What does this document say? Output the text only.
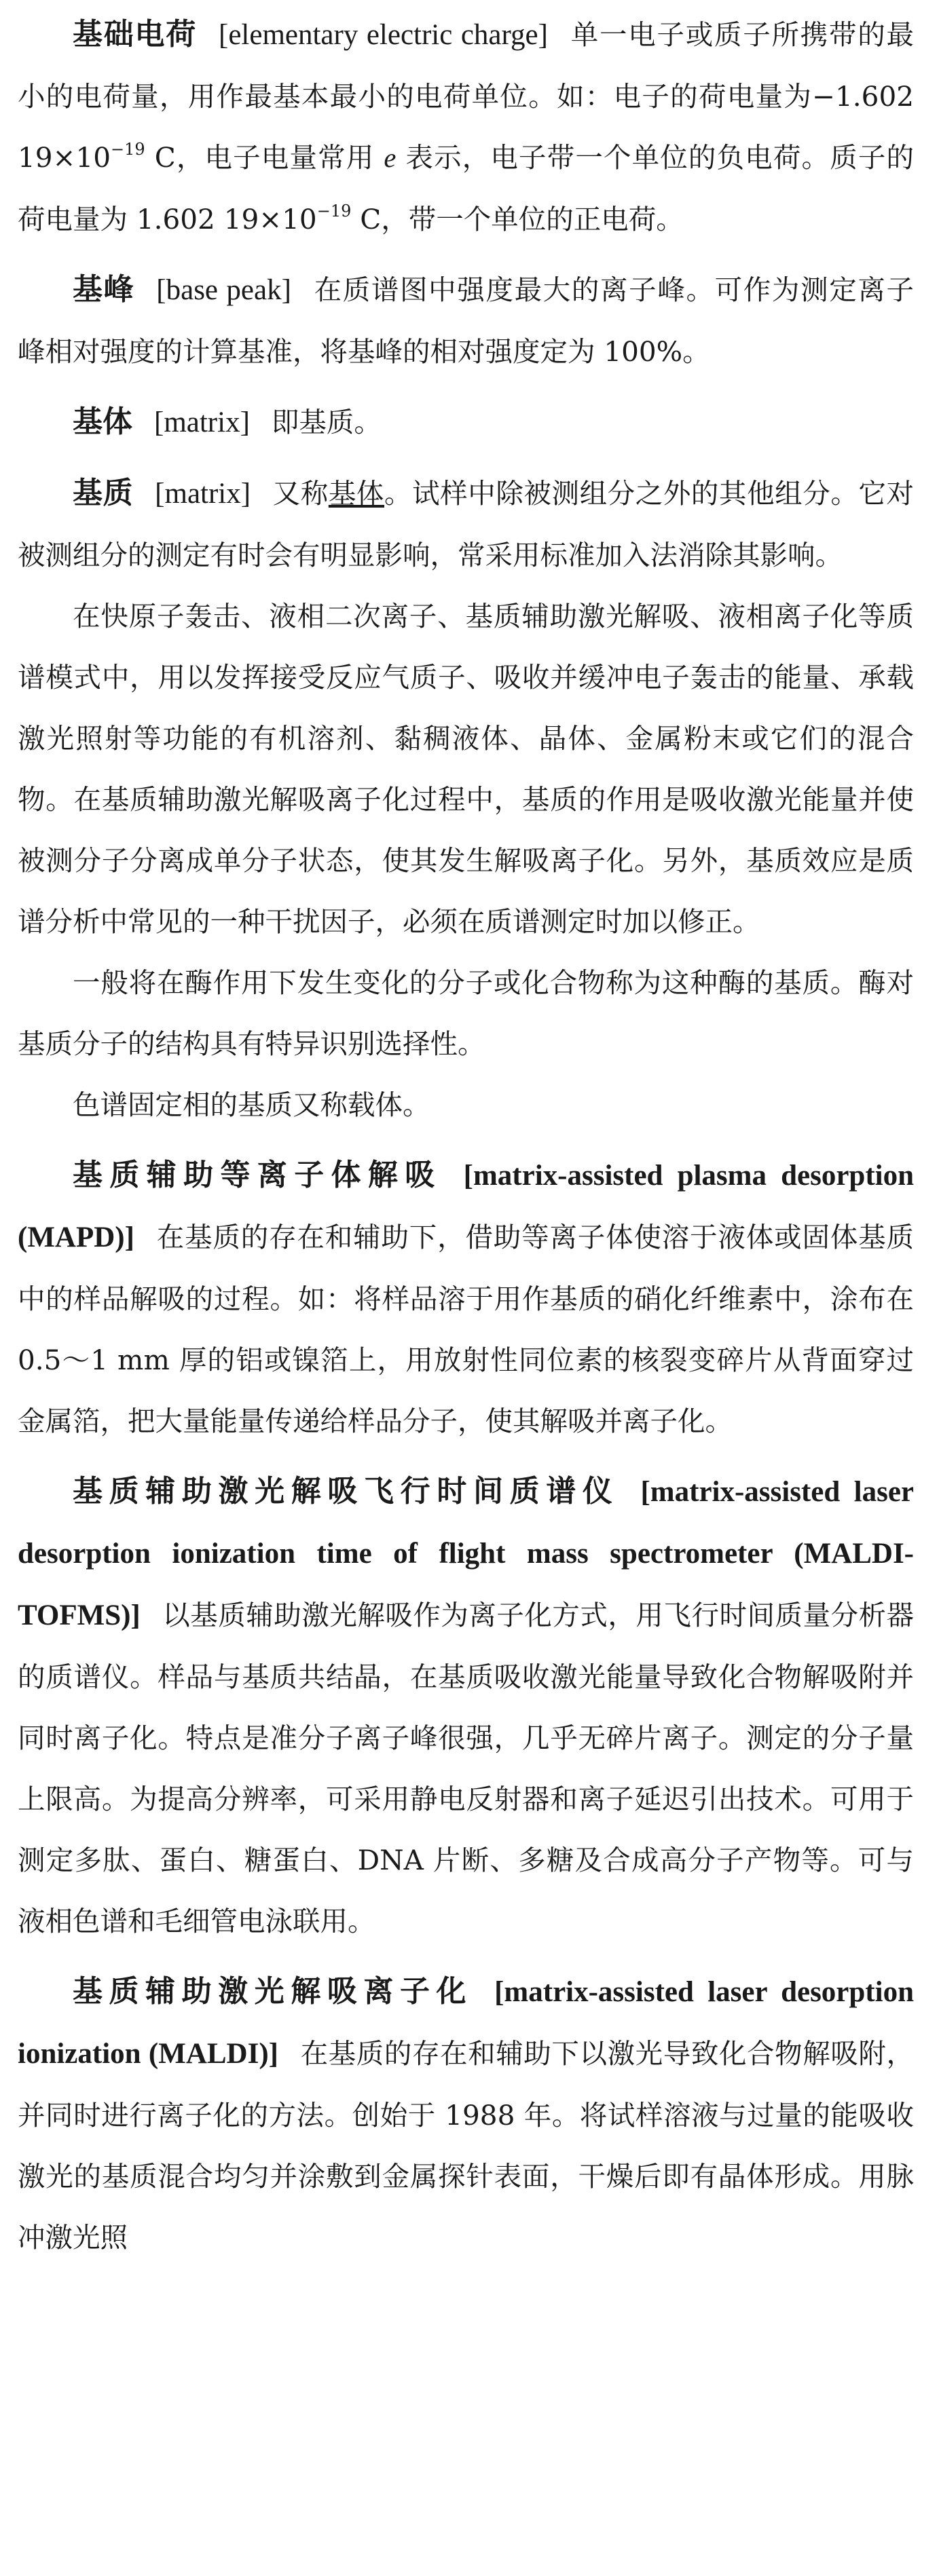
基础电荷 [elementary electric charge] 单一电子或质子所携带的最小的电荷量，用作最基本最小的电荷单位。如：电子的荷电量为−1.602 $19\times 10^{-19}$ C，电子电量常用 e 表示，电子带一个单位的负电荷。质子的荷电量为 1.602 $19\times 10^{-19}$ C，带一个单位的正电荷。

基峰 [base peak] 在质谱图中强度最大的离子峰。可作为测定离子峰相对强度的计算基准，将基峰的相对强度定为 100%。

基体 [matrix] 即基质。

基质 [matrix] 又称基体。试样中除被测组分之外的其他组分。它对被测组分的测定有时会有明显影响，常采用标准加入法消除其影响。

在快原子轰击、液相二次离子、基质辅助激光解吸、液相离子化等质谱模式中，用以发挥接受反应气质子、吸收并缓冲电子轰击的能量、承载激光照射等功能的有机溶剂、黏稠液体、晶体、金属粉末或它们的混合物。在基质辅助激光解吸离子化过程中，基质的作用是吸收激光能量并使被测分子分离成单分子状态，使其发生解吸离子化。另外，基质效应是质谱分析中常见的一种干扰因子，必须在质谱测定时加以修正。

一般将在酶作用下发生变化的分子或化合物称为这种酶的基质。酶对基质分子的结构具有特异识别选择性。

色谱固定相的基质又称载体。

基质辅助等离子体解吸 [matrix-assisted plasma desorption (MAPD)] 在基质的存在和辅助下，借助等离子体使溶于液体或固体基质中的样品解吸的过程。如：将样品溶于用作基质的硝化纤维素中，涂布在 0.5～1 mm 厚的铝或镍箔上，用放射性同位素的核裂变碎片从背面穿过金属箔，把大量能量传递给样品分子，使其解吸并离子化。

基质辅助激光解吸飞行时间质谱仪 [matrix-assisted laser desorption ionization time of flight mass spectrometer (MALDI-TOFMS)] 以基质辅助激光解吸作为离子化方式，用飞行时间质量分析器的质谱仪。样品与基质共结晶，在基质吸收激光能量导致化合物解吸附并同时离子化。特点是准分子离子峰很强，几乎无碎片离子。测定的分子量上限高。为提高分辨率，可采用静电反射器和离子延迟引出技术。可用于测定多肽、蛋白、糖蛋白、DNA 片断、多糖及合成高分子产物等。可与液相色谱和毛细管电泳联用。

基质辅助激光解吸离子化 [matrix-assisted laser desorption ionization (MALDI)] 在基质的存在和辅助下以激光导致化合物解吸附，并同时进行离子化的方法。创始于 1988 年。将试样溶液与过量的能吸收激光的基质混合均匀并涂敷到金属探针表面，干燥后即有晶体形成。用脉冲激光照
